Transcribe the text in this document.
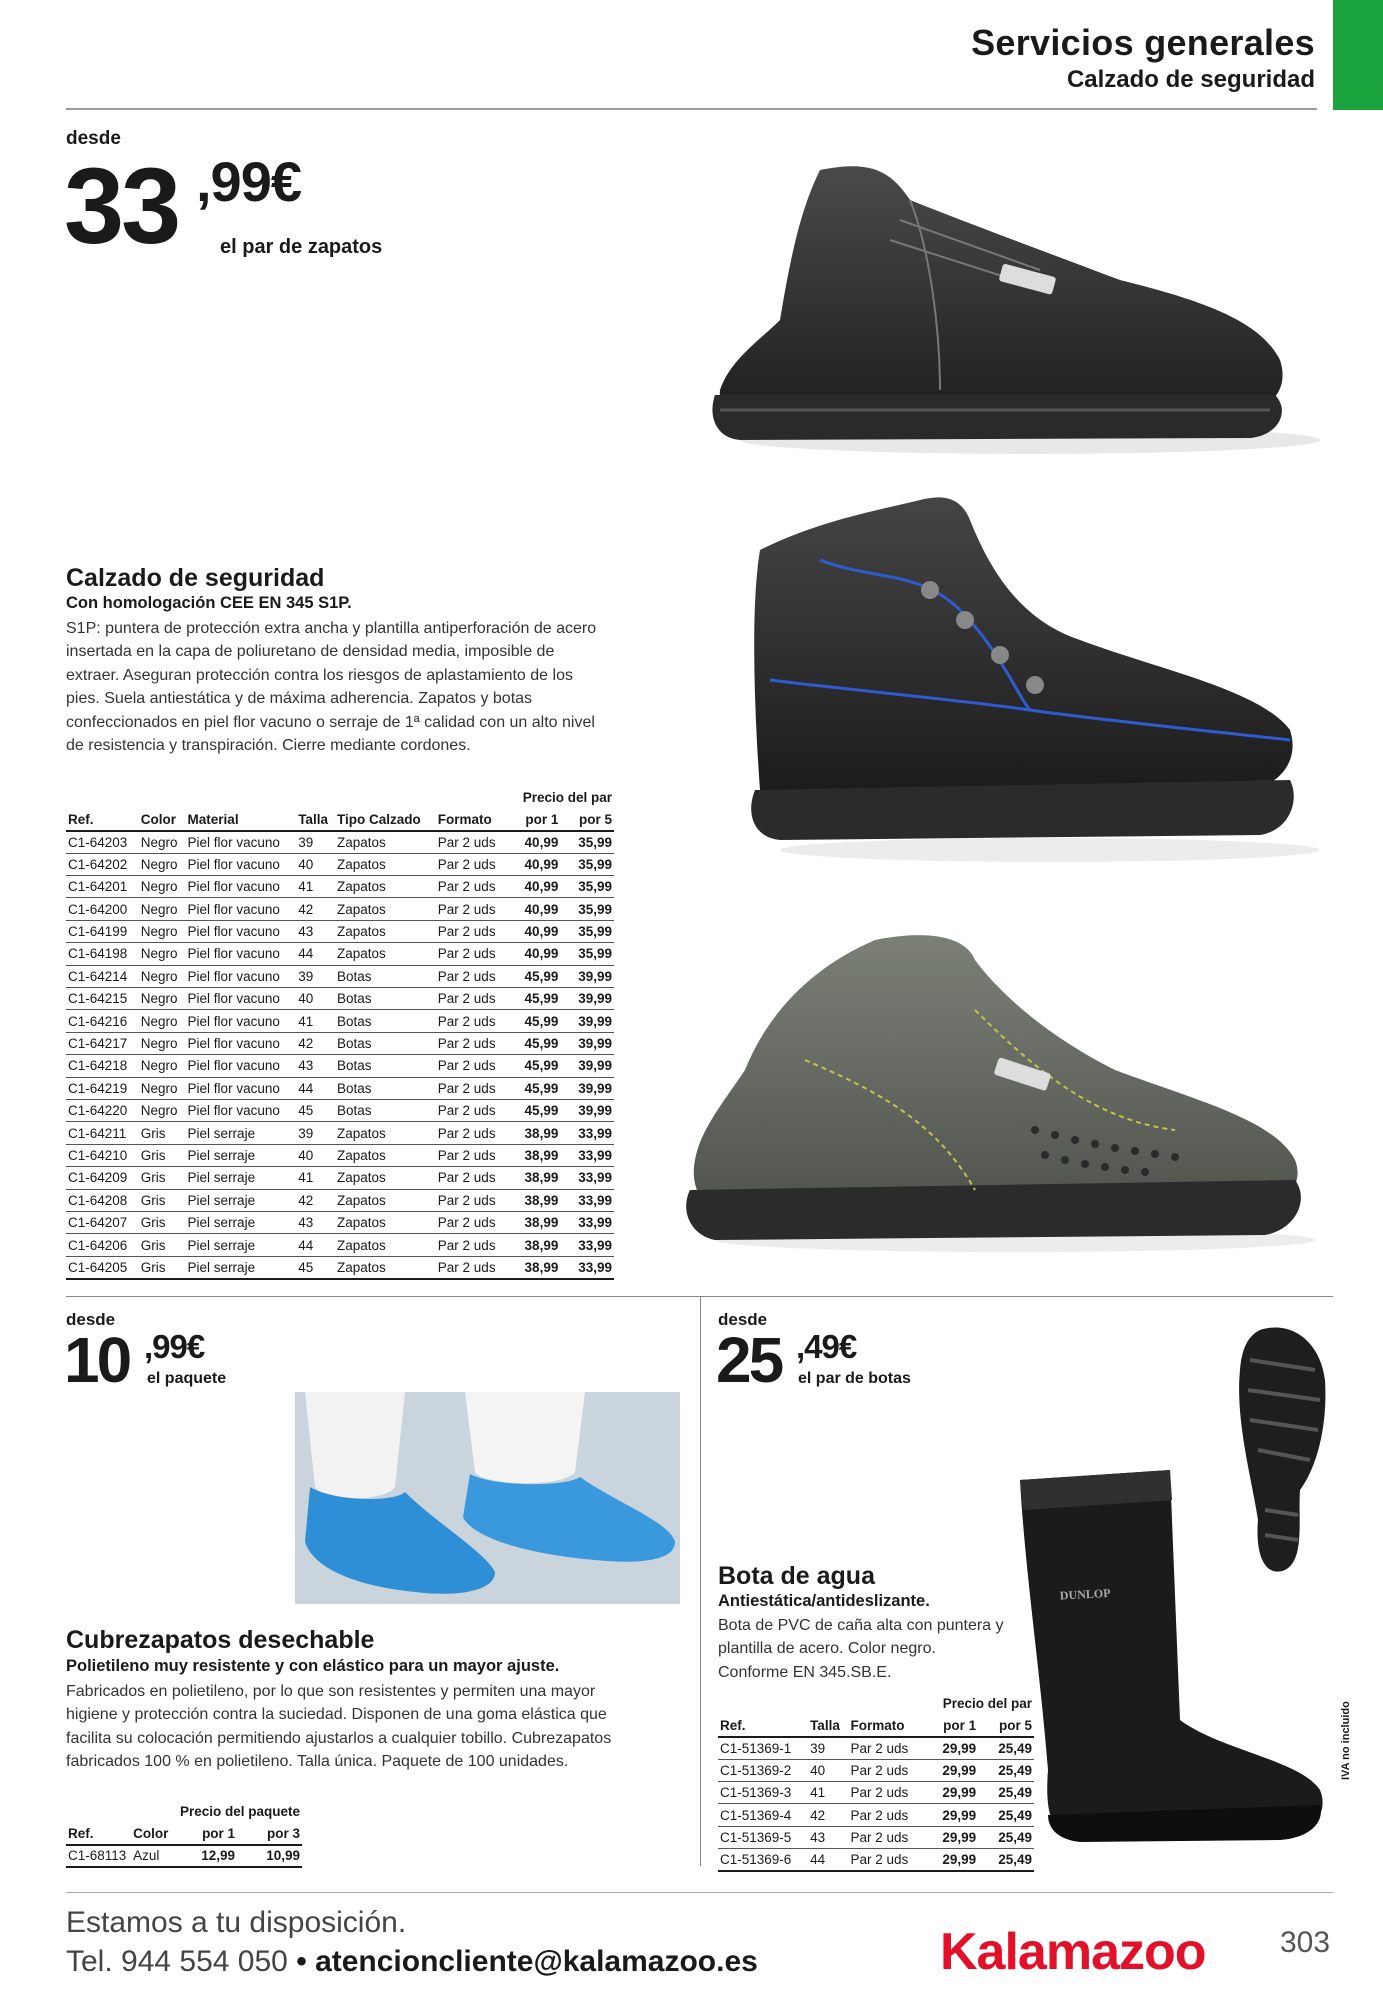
Servicios generales
Calzado de seguridad
desde
33 ,99€
el par de zapatos
Calzado de seguridad
Con homologación CEE EN 345 S1P.
S1P: puntera de protección extra ancha y plantilla antiperforación de acero insertada en la capa de poliuretano de densidad media, imposible de extraer. Aseguran protección contra los riesgos de aplastamiento de los pies. Suela antiestática y de máxima adherencia. Zapatos y botas confeccionados en piel flor vacuno o serraje de 1ª calidad con un alto nivel de resistencia y transpiración. Cierre mediante cordones.
						Precio del par	
Ref.	Color	Material	Talla	Tipo Calzado	Formato	por 1	por 5
C1-64203	Negro	Piel flor vacuno	39	Zapatos	Par 2 uds	40,99	35,99
C1-64202	Negro	Piel flor vacuno	40	Zapatos	Par 2 uds	40,99	35,99
C1-64201	Negro	Piel flor vacuno	41	Zapatos	Par 2 uds	40,99	35,99
C1-64200	Negro	Piel flor vacuno	42	Zapatos	Par 2 uds	40,99	35,99
C1-64199	Negro	Piel flor vacuno	43	Zapatos	Par 2 uds	40,99	35,99
C1-64198	Negro	Piel flor vacuno	44	Zapatos	Par 2 uds	40,99	35,99
C1-64214	Negro	Piel flor vacuno	39	Botas	Par 2 uds	45,99	39,99
C1-64215	Negro	Piel flor vacuno	40	Botas	Par 2 uds	45,99	39,99
C1-64216	Negro	Piel flor vacuno	41	Botas	Par 2 uds	45,99	39,99
C1-64217	Negro	Piel flor vacuno	42	Botas	Par 2 uds	45,99	39,99
C1-64218	Negro	Piel flor vacuno	43	Botas	Par 2 uds	45,99	39,99
C1-64219	Negro	Piel flor vacuno	44	Botas	Par 2 uds	45,99	39,99
C1-64220	Negro	Piel flor vacuno	45	Botas	Par 2 uds	45,99	39,99
C1-64211	Gris	Piel serraje	39	Zapatos	Par 2 uds	38,99	33,99
C1-64210	Gris	Piel serraje	40	Zapatos	Par 2 uds	38,99	33,99
C1-64209	Gris	Piel serraje	41	Zapatos	Par 2 uds	38,99	33,99
C1-64208	Gris	Piel serraje	42	Zapatos	Par 2 uds	38,99	33,99
C1-64207	Gris	Piel serraje	43	Zapatos	Par 2 uds	38,99	33,99
C1-64206	Gris	Piel serraje	44	Zapatos	Par 2 uds	38,99	33,99
C1-64205	Gris	Piel serraje	45	Zapatos	Par 2 uds	38,99	33,99
desde
10 ,99€
el paquete
Cubrezapatos desechable
Polietileno muy resistente y con elástico para un mayor ajuste.
Fabricados en polietileno, por lo que son resistentes y permiten una mayor higiene y protección contra la suciedad. Disponen de una goma elástica que facilita su colocación permitiendo ajustarlos a cualquier tobillo. Cubrezapatos fabricados 100 % en polietileno. Talla única. Paquete de 100 unidades.
		Precio del paquete	
Ref.	Color	por 1	por 3
C1-68113	Azul	12,99	10,99
desde
25 ,49€
el par de botas
DUNLOP
Bota de agua
Antiestática/antideslizante.
Bota de PVC de caña alta con puntera y plantilla de acero. Color negro. Conforme EN 345.SB.E.
			Precio del par	
Ref.	Talla	Formato	por 1	por 5
C1-51369-1	39	Par 2 uds	29,99	25,49
C1-51369-2	40	Par 2 uds	29,99	25,49
C1-51369-3	41	Par 2 uds	29,99	25,49
C1-51369-4	42	Par 2 uds	29,99	25,49
C1-51369-5	43	Par 2 uds	29,99	25,49
C1-51369-6	44	Par 2 uds	29,99	25,49
IVA no incluido
Estamos a tu disposición.
Tel. 944 554 050 • atencioncliente@kalamazoo.es	Kalamazoo 303
